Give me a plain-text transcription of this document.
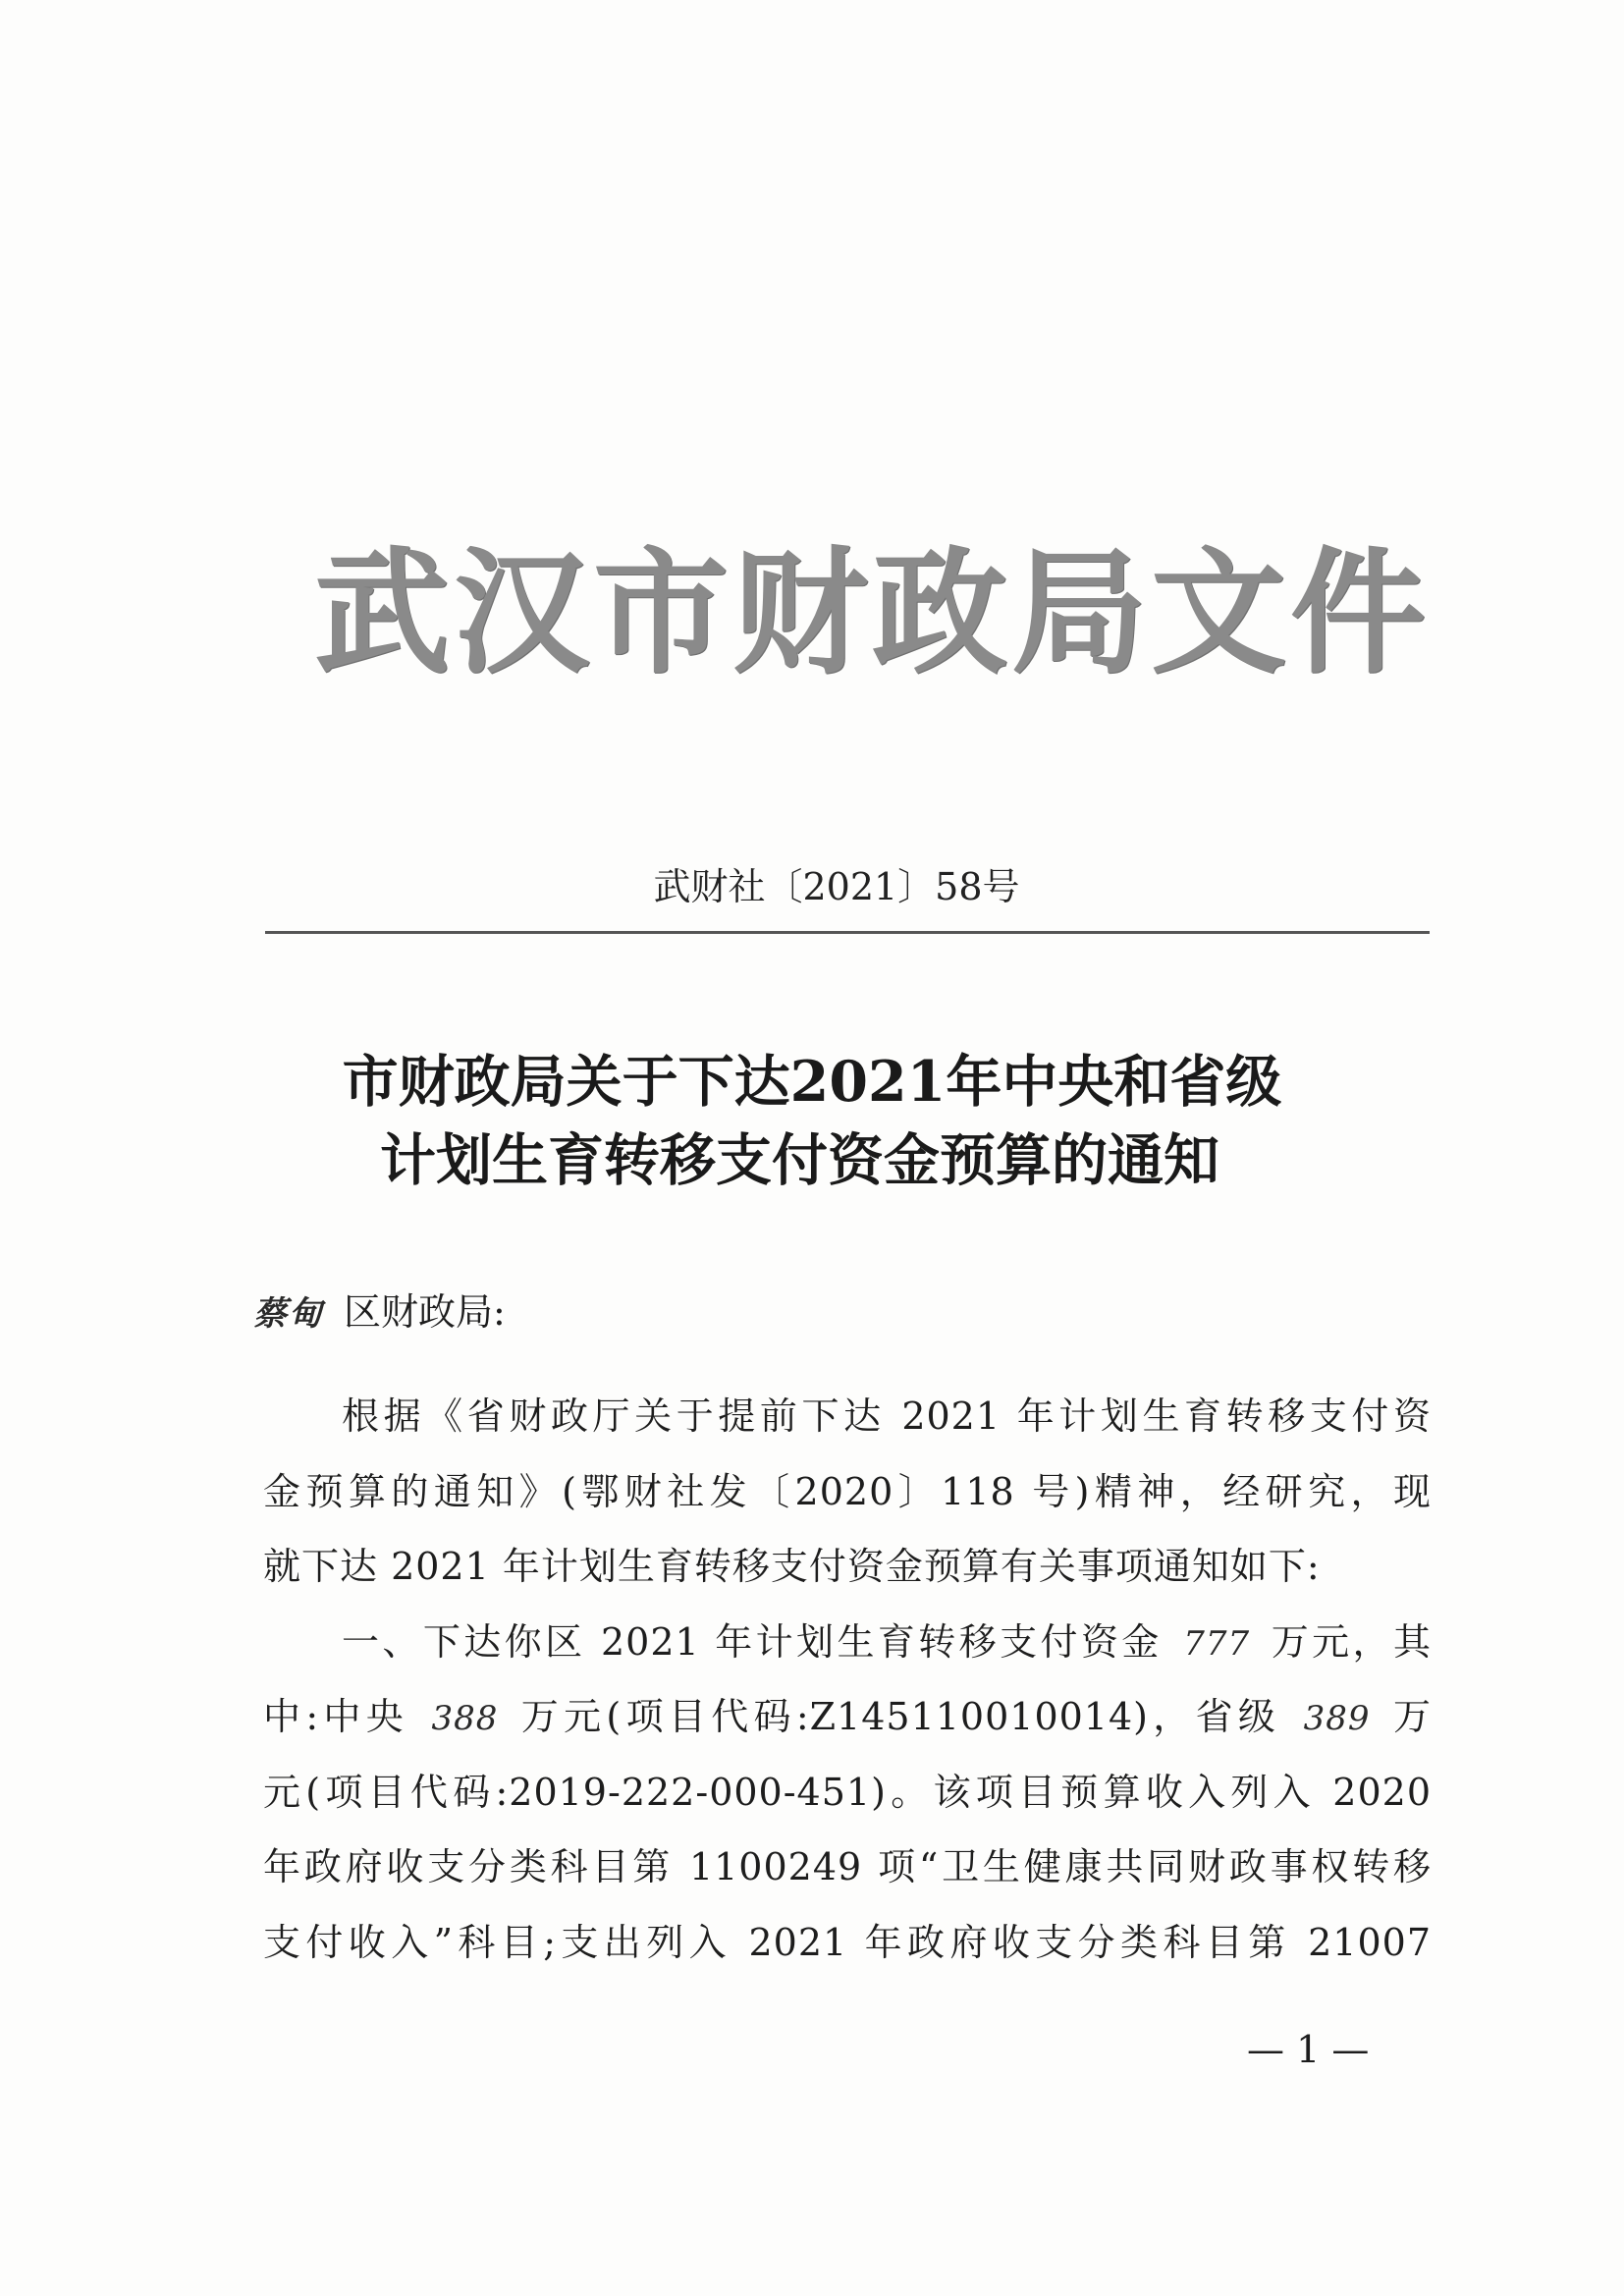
武汉市财政局文件
武财社〔2021〕58号
市财政局关于下达2021年中央和省级
计划生育转移支付资金预算的通知
蔡甸 区财政局:
根据《省财政厅关于提前下达 2021 年计划生育转移支付资
金预算的通知》(鄂财社发〔2020〕118 号)精神，经研究，现
就下达 2021 年计划生育转移支付资金预算有关事项通知如下:
一、下达你区 2021 年计划生育转移支付资金 777 万元，其
中:中央 388 万元(项目代码:Z145110010014)，省级 389 万
元(项目代码:2019-222-000-451)。该项目预算收入列入 2020
年政府收支分类科目第 1100249 项“卫生健康共同财政事权转移
支付收入”科目;支出列入 2021 年政府收支分类科目第 21007
— 1 —
